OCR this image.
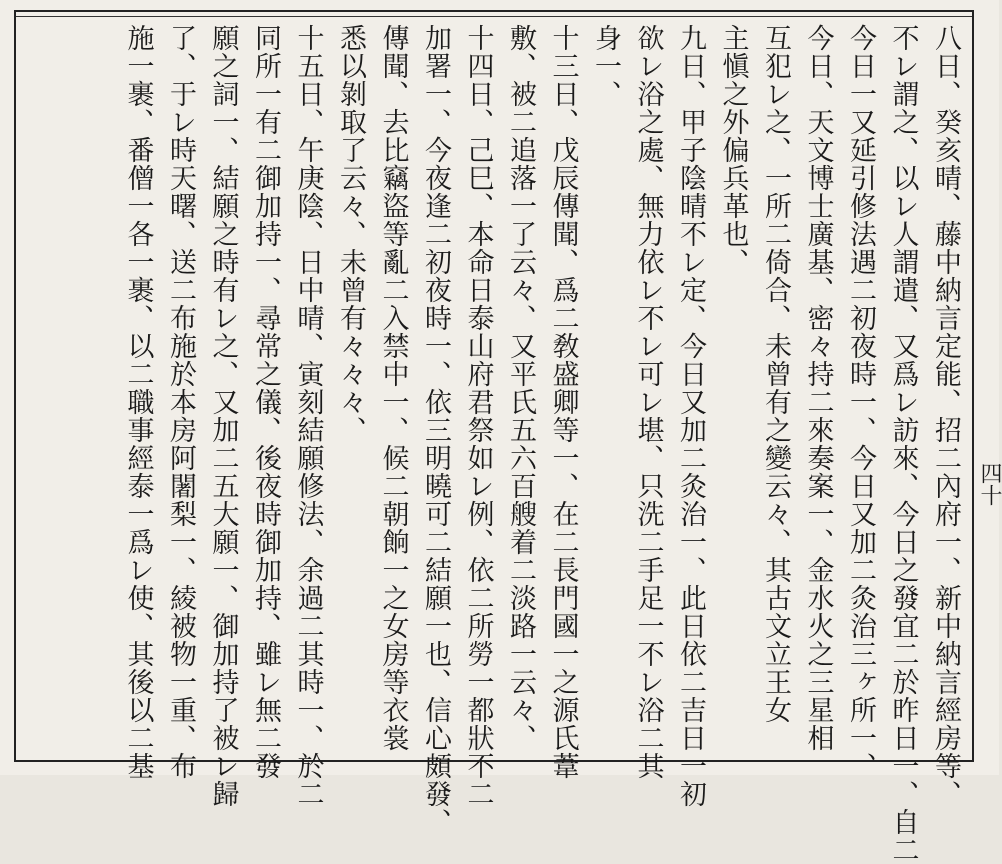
八日、癸亥晴、藤中納言定能、招二內府一、新中納言經房等、
不レ謂之、以レ人謂遣、又爲レ訪來、今日之發宜二於昨日一、自二
今日一又延引修法遇二初夜時一、今日又加二灸治三ヶ所一、
今日、天文博士廣基、密々持二來奏案一、金水火之三星相
互犯レ之、一所二倚合、未曾有之變云々、其古文立王女
主愼之外偏兵革也、
九日、甲子陰晴不レ定、今日又加二灸治一、此日依二吉日一初
欲レ浴之處、無力依レ不レ可レ堪、只洗二手足一不レ浴二其
身一、
十三日、戊辰傳聞、爲二敎盛卿等一、在二長門國一之源氏葦
敷、被二追落一了云々、又平氏五六百艘着二淡路一云々、
十四日、己巳、本命日泰山府君祭如レ例、依二所勞一都狀不二
加署一、今夜逢二初夜時一、依三明曉可二結願一也、信心頗發、
傳聞、去比竊盜等亂二入禁中一、候二朝餉一之女房等衣裳
悉以剝取了云々、未曾有々々々、
十五日、午庚陰、日中晴、寅刻結願修法、余過二其時一、於二
同所一有二御加持一、尋常之儀、後夜時御加持、雖レ無二發
願之詞一、結願之時有レ之、又加二五大願一、御加持了被レ歸
了、于レ時天曙、送二布施於本房阿闍梨一、綾被物一重、布
施一裹、番僧一各一裹、以二職事經泰一爲レ使、其後以二基	四十
